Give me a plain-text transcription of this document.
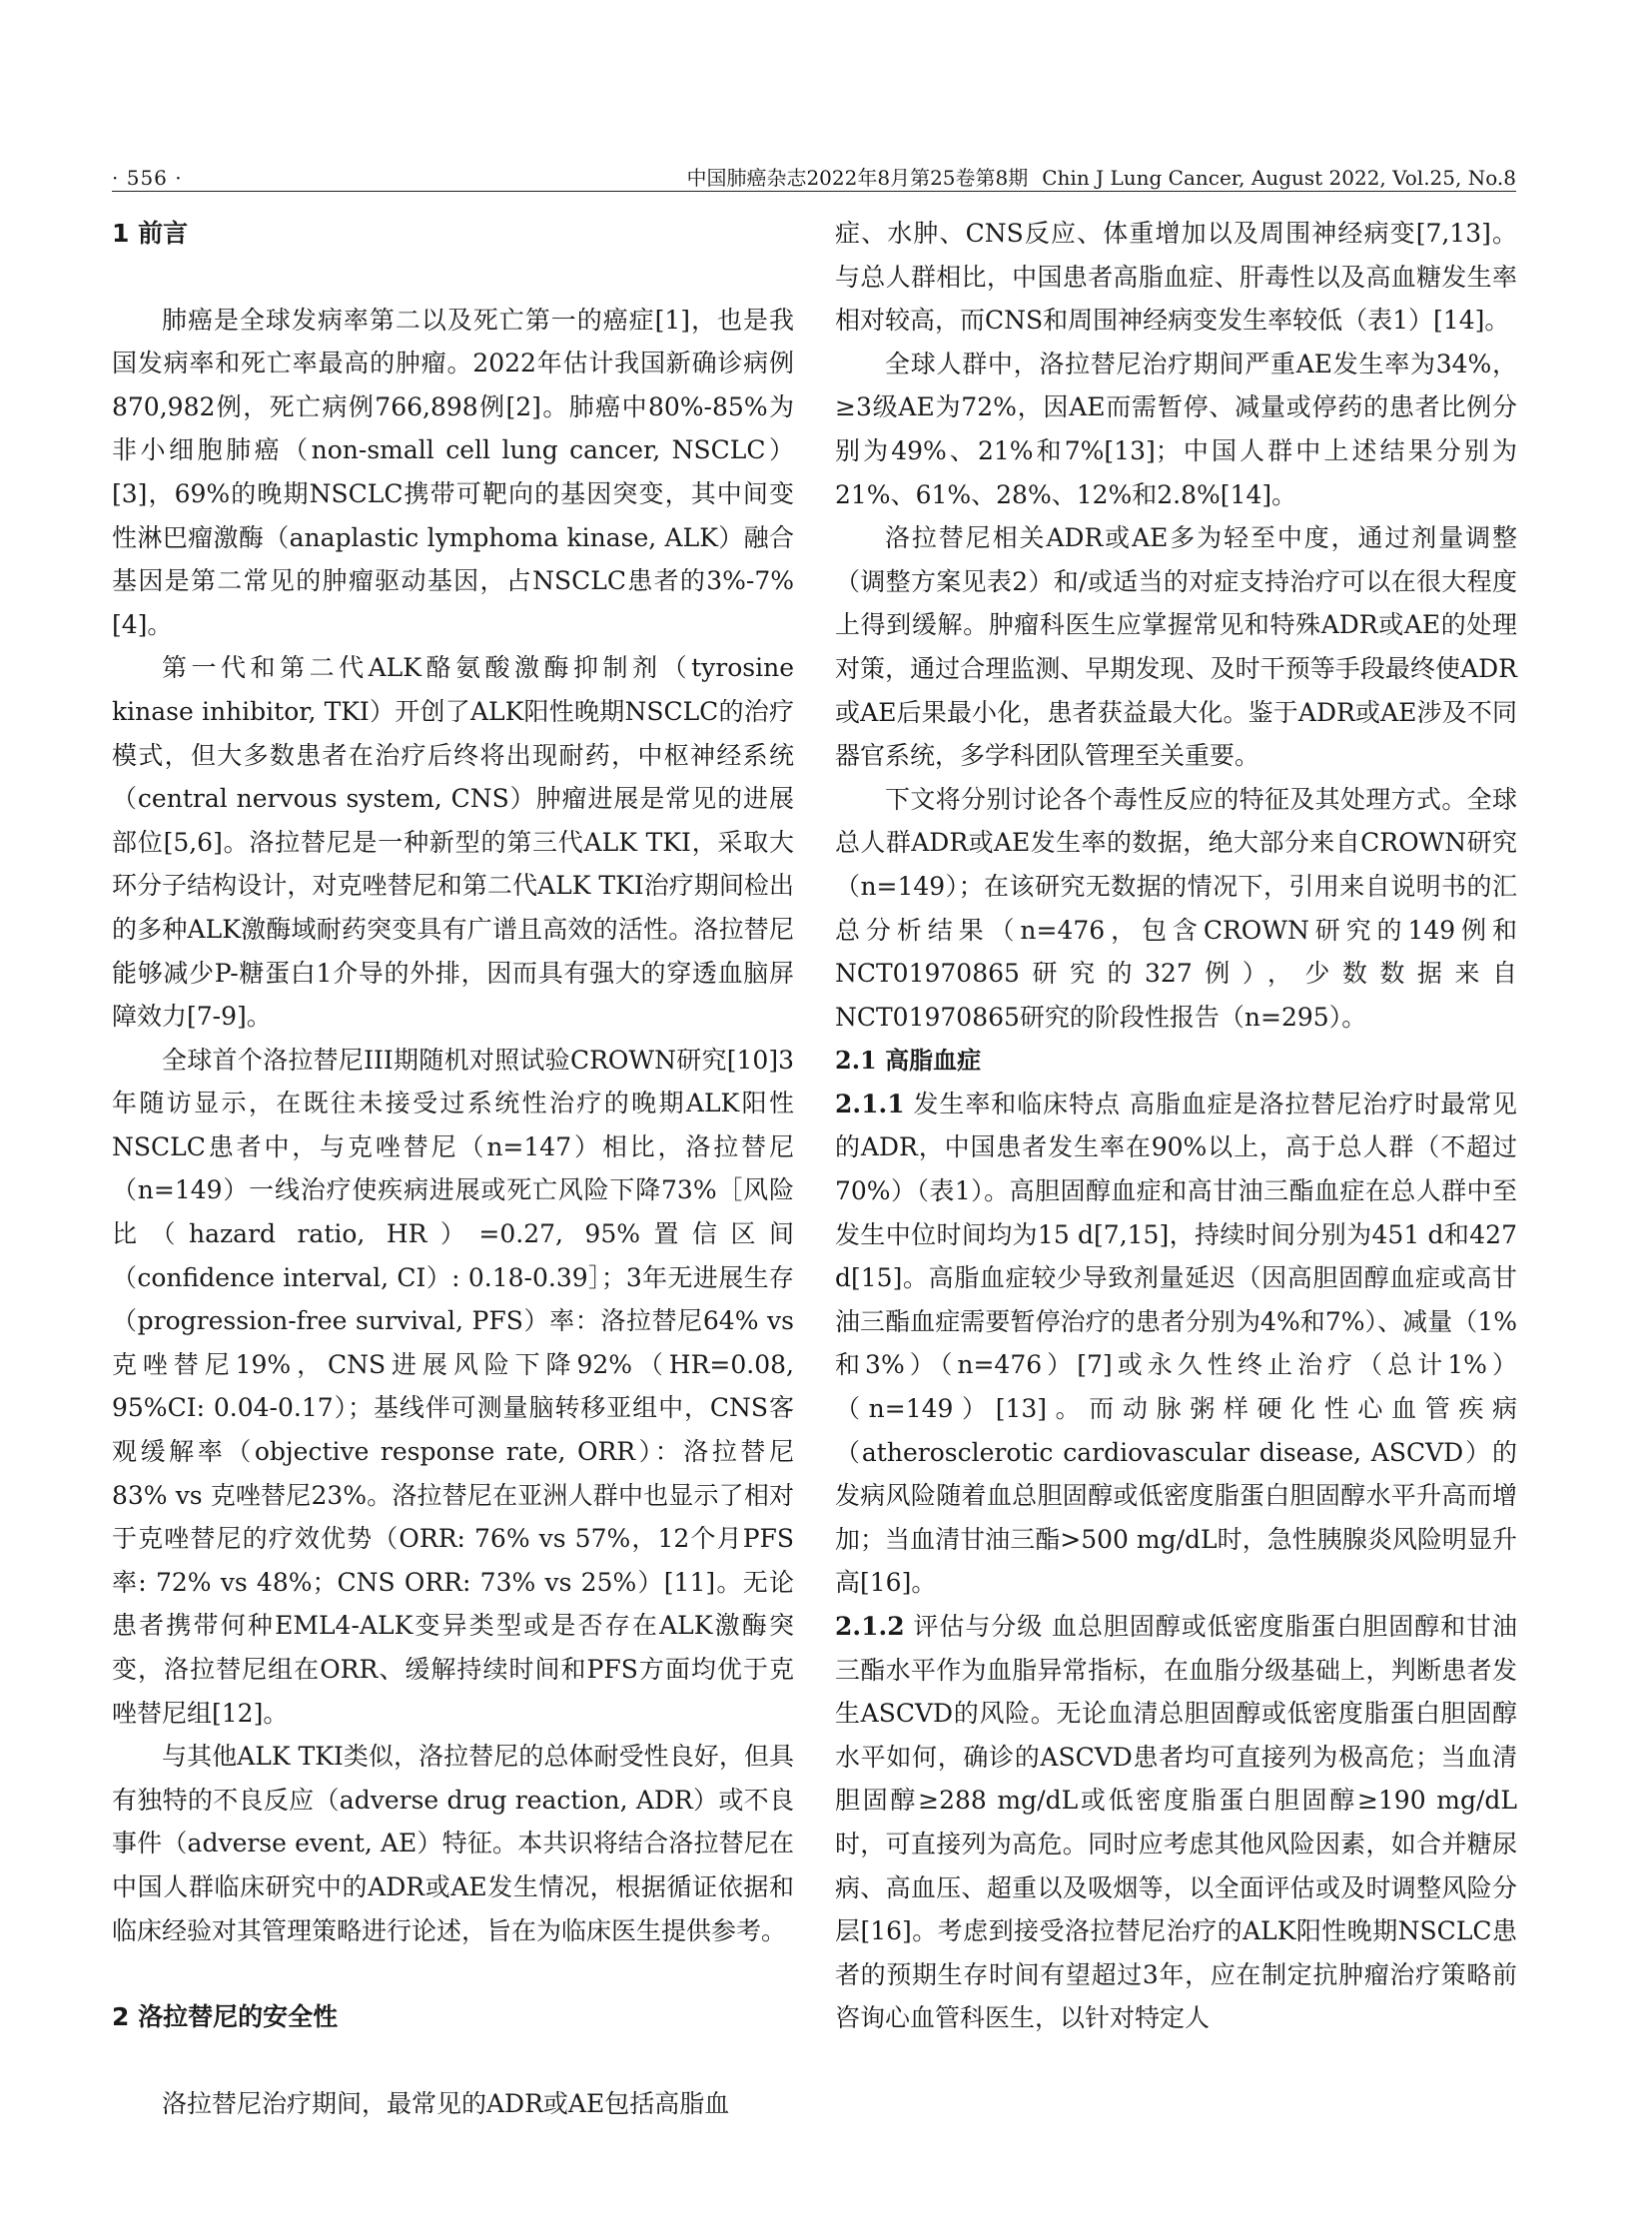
· 556 ·	中国肺癌杂志2022年8月第25卷第8期 Chin J Lung Cancer, August 2022, Vol.25, No.8
1 前言

肺癌是全球发病率第二以及死亡第一的癌症[1]，也是我国发病率和死亡率最高的肿瘤。2022年估计我国新确诊病例870,982例，死亡病例766,898例[2]。肺癌中80%-85%为非小细胞肺癌（non-small cell lung cancer, NSCLC）[3]，69%的晚期NSCLC携带可靶向的基因突变，其中间变性淋巴瘤激酶（anaplastic lymphoma kinase, ALK）融合基因是第二常见的肿瘤驱动基因，占NSCLC患者的3%-7%[4]。

第一代和第二代ALK酪氨酸激酶抑制剂（tyrosine kinase inhibitor, TKI）开创了ALK阳性晚期NSCLC的治疗模式，但大多数患者在治疗后终将出现耐药，中枢神经系统（central nervous system, CNS）肿瘤进展是常见的进展部位[5,6]。洛拉替尼是一种新型的第三代ALK TKI，采取大环分子结构设计，对克唑替尼和第二代ALK TKI治疗期间检出的多种ALK激酶域耐药突变具有广谱且高效的活性。洛拉替尼能够减少P-糖蛋白1介导的外排，因而具有强大的穿透血脑屏障效力[7-9]。

全球首个洛拉替尼III期随机对照试验CROWN研究[10]3年随访显示，在既往未接受过系统性治疗的晚期ALK阳性NSCLC患者中，与克唑替尼（n=147）相比，洛拉替尼（n=149）一线治疗使疾病进展或死亡风险下降73%［风险比（hazard ratio, HR）=0.27, 95%置信区间（confidence interval, CI）: 0.18-0.39］；3年无进展生存（progression-free survival, PFS）率：洛拉替尼64% vs 克唑替尼19%，CNS进展风险下降92%（HR=0.08, 95%CI: 0.04-0.17）；基线伴可测量脑转移亚组中，CNS客观缓解率（objective response rate, ORR）：洛拉替尼83% vs 克唑替尼23%。洛拉替尼在亚洲人群中也显示了相对于克唑替尼的疗效优势（ORR: 76% vs 57%，12个月PFS率: 72% vs 48%；CNS ORR: 73% vs 25%）[11]。无论患者携带何种EML4-ALK变异类型或是否存在ALK激酶突变，洛拉替尼组在ORR、缓解持续时间和PFS方面均优于克唑替尼组[12]。

与其他ALK TKI类似，洛拉替尼的总体耐受性良好，但具有独特的不良反应（adverse drug reaction, ADR）或不良事件（adverse event, AE）特征。本共识将结合洛拉替尼在中国人群临床研究中的ADR或AE发生情况，根据循证依据和临床经验对其管理策略进行论述，旨在为临床医生提供参考。

2 洛拉替尼的安全性

洛拉替尼治疗期间，最常见的ADR或AE包括高脂血

症、水肿、CNS反应、体重增加以及周围神经病变[7,13]。与总人群相比，中国患者高脂血症、肝毒性以及高血糖发生率相对较高，而CNS和周围神经病变发生率较低（表1）[14]。

全球人群中，洛拉替尼治疗期间严重AE发生率为34%，≥3级AE为72%，因AE而需暂停、减量或停药的患者比例分别为49%、21%和7%[13]；中国人群中上述结果分别为21%、61%、28%、12%和2.8%[14]。

洛拉替尼相关ADR或AE多为轻至中度，通过剂量调整（调整方案见表2）和/或适当的对症支持治疗可以在很大程度上得到缓解。肿瘤科医生应掌握常见和特殊ADR或AE的处理对策，通过合理监测、早期发现、及时干预等手段最终使ADR或AE后果最小化，患者获益最大化。鉴于ADR或AE涉及不同器官系统，多学科团队管理至关重要。

下文将分别讨论各个毒性反应的特征及其处理方式。全球总人群ADR或AE发生率的数据，绝大部分来自CROWN研究（n=149）；在该研究无数据的情况下，引用来自说明书的汇总分析结果（n=476，包含CROWN研究的149例和NCT01970865研究的327例），少数数据来自NCT01970865研究的阶段性报告（n=295）。

2.1 高脂血症

2.1.1 发生率和临床特点 高脂血症是洛拉替尼治疗时最常见的ADR，中国患者发生率在90%以上，高于总人群（不超过70%）（表1）。高胆固醇血症和高甘油三酯血症在总人群中至发生中位时间均为15 d[7,15]，持续时间分别为451 d和427 d[15]。高脂血症较少导致剂量延迟（因高胆固醇血症或高甘油三酯血症需要暂停治疗的患者分别为4%和7%）、减量（1%和3%）（n=476）[7]或永久性终止治疗（总计1%）（n=149）[13]。而动脉粥样硬化性心血管疾病（atherosclerotic cardiovascular disease, ASCVD）的发病风险随着血总胆固醇或低密度脂蛋白胆固醇水平升高而增加；当血清甘油三酯>500 mg/dL时，急性胰腺炎风险明显升高[16]。

2.1.2 评估与分级 血总胆固醇或低密度脂蛋白胆固醇和甘油三酯水平作为血脂异常指标，在血脂分级基础上，判断患者发生ASCVD的风险。无论血清总胆固醇或低密度脂蛋白胆固醇水平如何，确诊的ASCVD患者均可直接列为极高危；当血清胆固醇≥288 mg/dL或低密度脂蛋白胆固醇≥190 mg/dL时，可直接列为高危。同时应考虑其他风险因素，如合并糖尿病、高血压、超重以及吸烟等，以全面评估或及时调整风险分层[16]。考虑到接受洛拉替尼治疗的ALK阳性晚期NSCLC患者的预期生存时间有望超过3年，应在制定抗肿瘤治疗策略前咨询心血管科医生，以针对特定人
